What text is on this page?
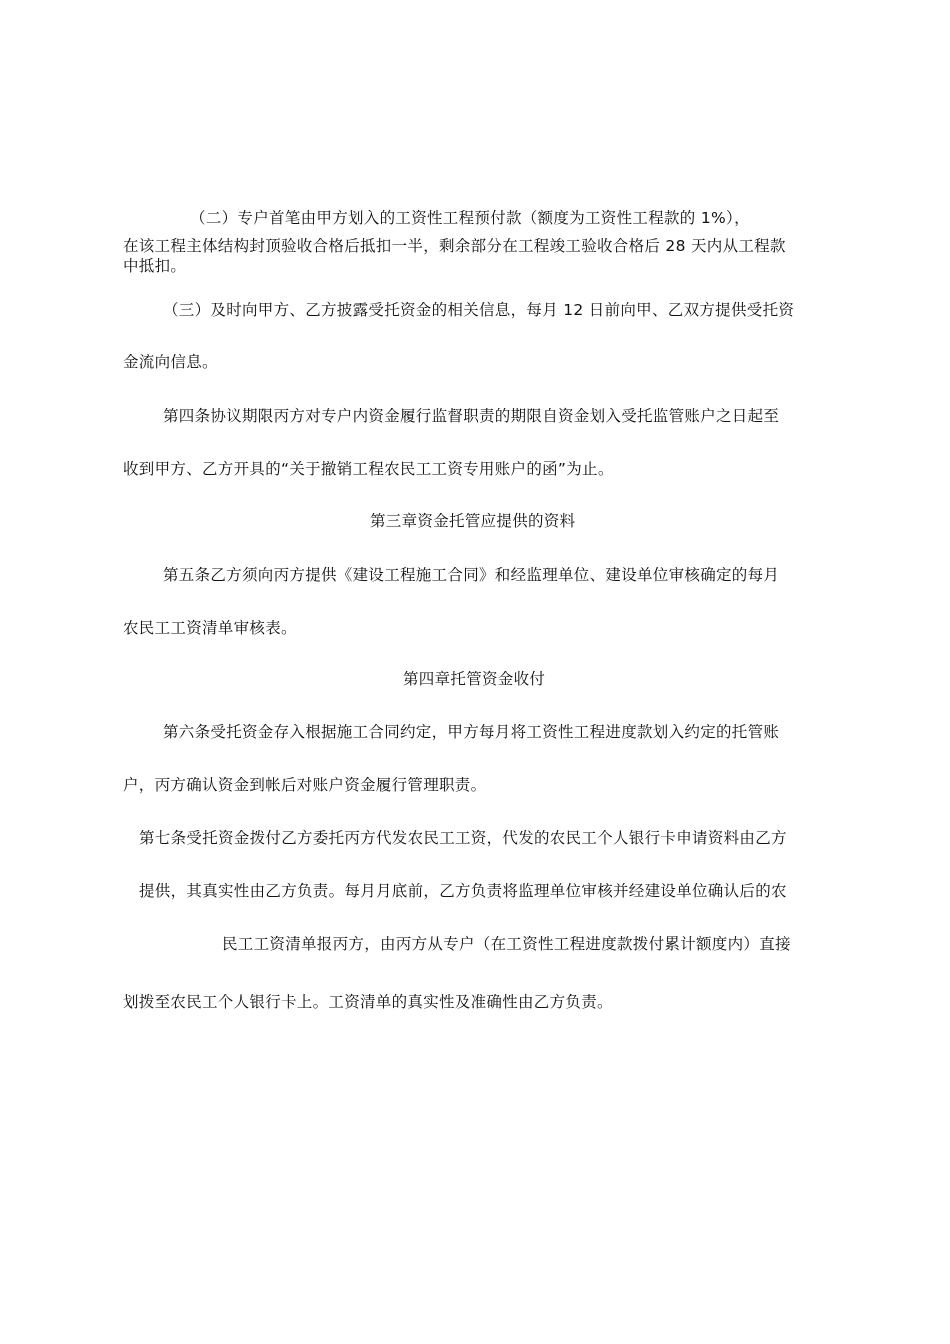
（二）专户首笔由甲方划入的工资性工程预付款（额度为工资性工程款的 1%），
在该工程主体结构封顶验收合格后抵扣一半，剩余部分在工程竣工验收合格后 28 天内从工程款
中抵扣。
（三）及时向甲方、乙方披露受托资金的相关信息，每月 12 日前向甲、乙双方提供受托资
金流向信息。
第四条协议期限丙方对专户内资金履行监督职责的期限自资金划入受托监管账户之日起至
收到甲方、乙方开具的“关于撤销工程农民工工资专用账户的函”为止。
第三章资金托管应提供的资料
第五条乙方须向丙方提供《建设工程施工合同》和经监理单位、建设单位审核确定的每月
农民工工资清单审核表。
第四章托管资金收付
第六条受托资金存入根据施工合同约定，甲方每月将工资性工程进度款划入约定的托管账
户，丙方确认资金到帐后对账户资金履行管理职责。
第七条受托资金拨付乙方委托丙方代发农民工工资，代发的农民工个人银行卡申请资料由乙方
提供，其真实性由乙方负责。每月月底前，乙方负责将监理单位审核并经建设单位确认后的农
民工工资清单报丙方，由丙方从专户（在工资性工程进度款拨付累计额度内）直接
划拨至农民工个人银行卡上。工资清单的真实性及准确性由乙方负责。
